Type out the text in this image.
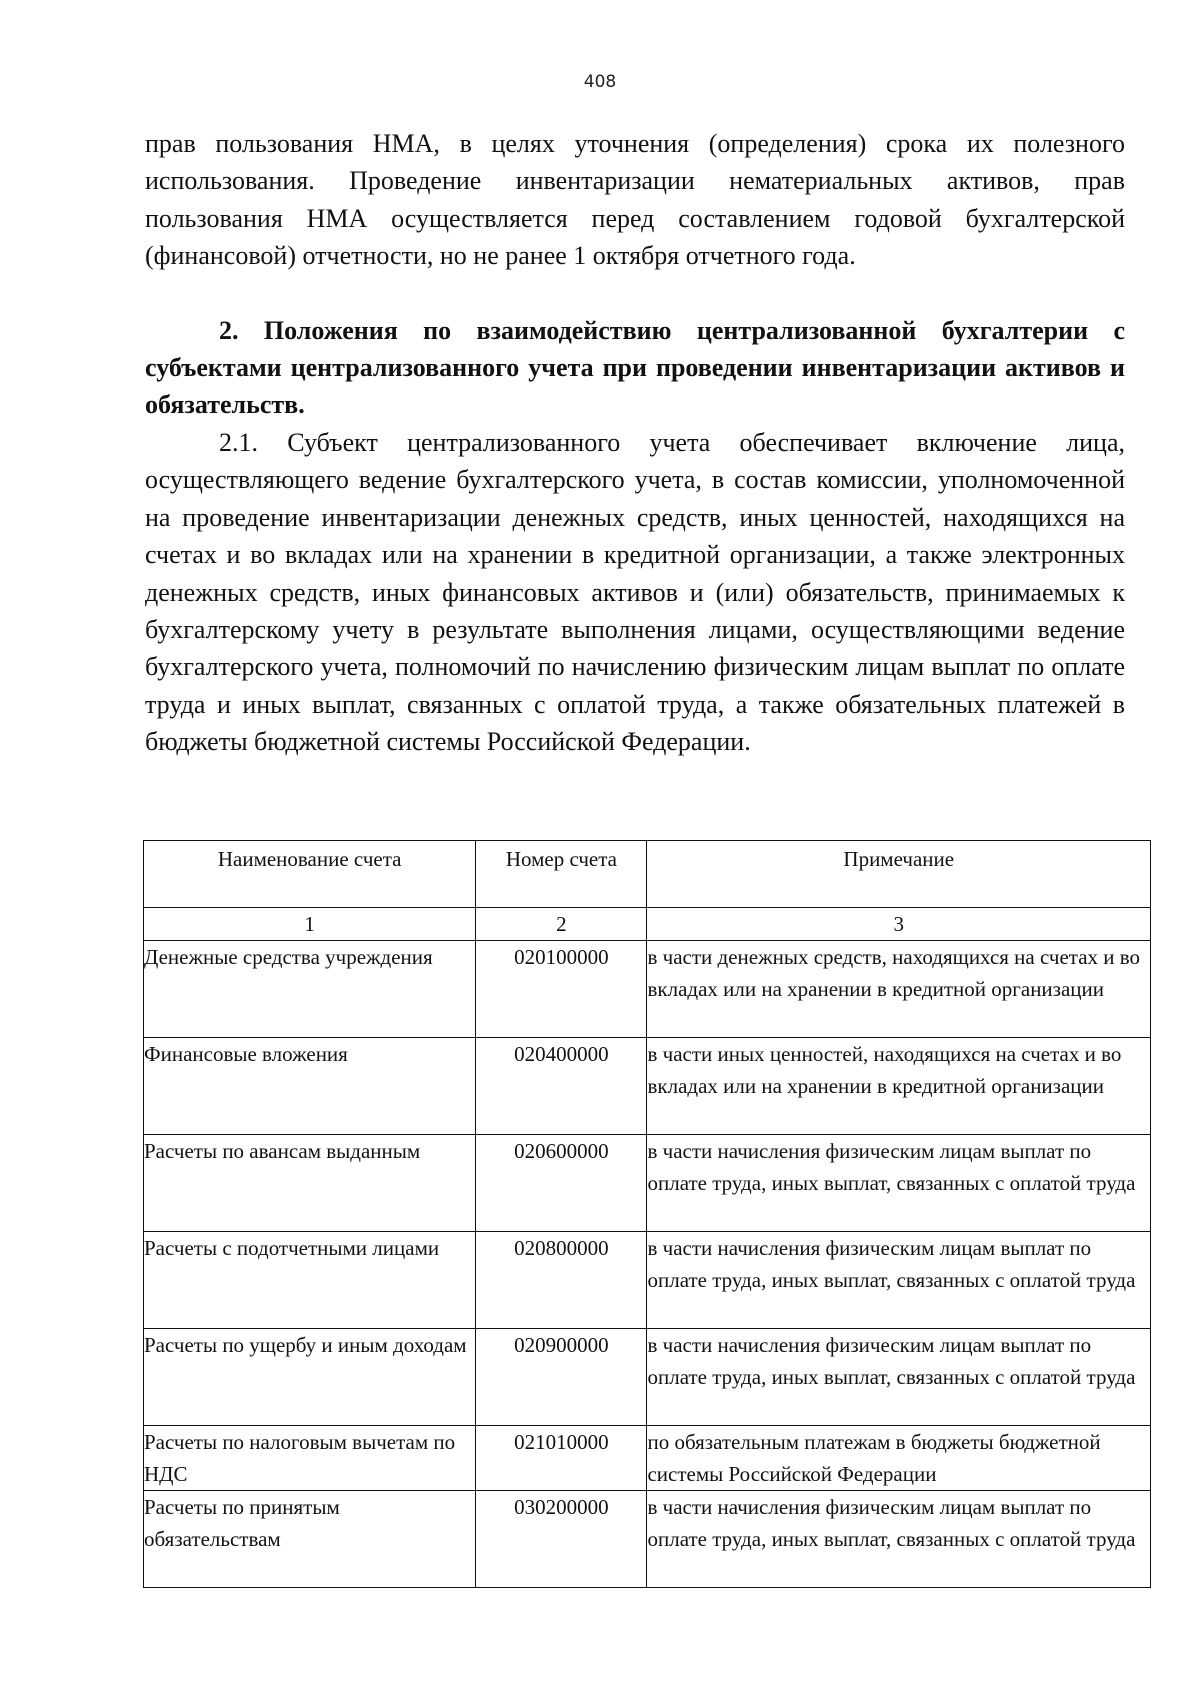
408

прав пользования НМА, в целях уточнения (определения) срока их полезного использования. Проведение инвентаризации нематериальных активов, прав пользования НМА осуществляется перед составлением годовой бухгалтерской (финансовой) отчетности, но не ранее 1 октября отчетного года.

2. Положения по взаимодействию централизованной бухгалтерии с субъектами централизованного учета при проведении инвентаризации активов и обязательств.

2.1. Субъект централизованного учета обеспечивает включение лица, осуществляющего ведение бухгалтерского учета, в состав комиссии, уполномоченной на проведение инвентаризации денежных средств, иных ценностей, находящихся на счетах и во вкладах или на хранении в кредитной организации, а также электронных денежных средств, иных финансовых активов и (или) обязательств, принимаемых к бухгалтерскому учету в результате выполнения лицами, осуществляющими ведение бухгалтерского учета, полномочий по начислению физическим лицам выплат по оплате труда и иных выплат, связанных с оплатой труда, а также обязательных платежей в бюджеты бюджетной системы Российской Федерации.

Наименование счета	Номер счета	Примечание
1	2	3
Денежные средства учреждения	020100000	в части денежных средств, находящихся на счетах и во вкладах или на хранении в кредитной организации
Финансовые вложения	020400000	в части иных ценностей, находящихся на счетах и во вкладах или на хранении в кредитной организации
Расчеты по авансам выданным	020600000	в части начисления физическим лицам выплат по оплате труда, иных выплат, связанных с оплатой труда
Расчеты с подотчетными лицами	020800000	в части начисления физическим лицам выплат по оплате труда, иных выплат, связанных с оплатой труда
Расчеты по ущербу и иным доходам	020900000	в части начисления физическим лицам выплат по оплате труда, иных выплат, связанных с оплатой труда
Расчеты по налоговым вычетам по НДС	021010000	по обязательным платежам в бюджеты бюджетной системы Российской Федерации
Расчеты по принятым обязательствам	030200000	в части начисления физическим лицам выплат по оплате труда, иных выплат, связанных с оплатой труда
